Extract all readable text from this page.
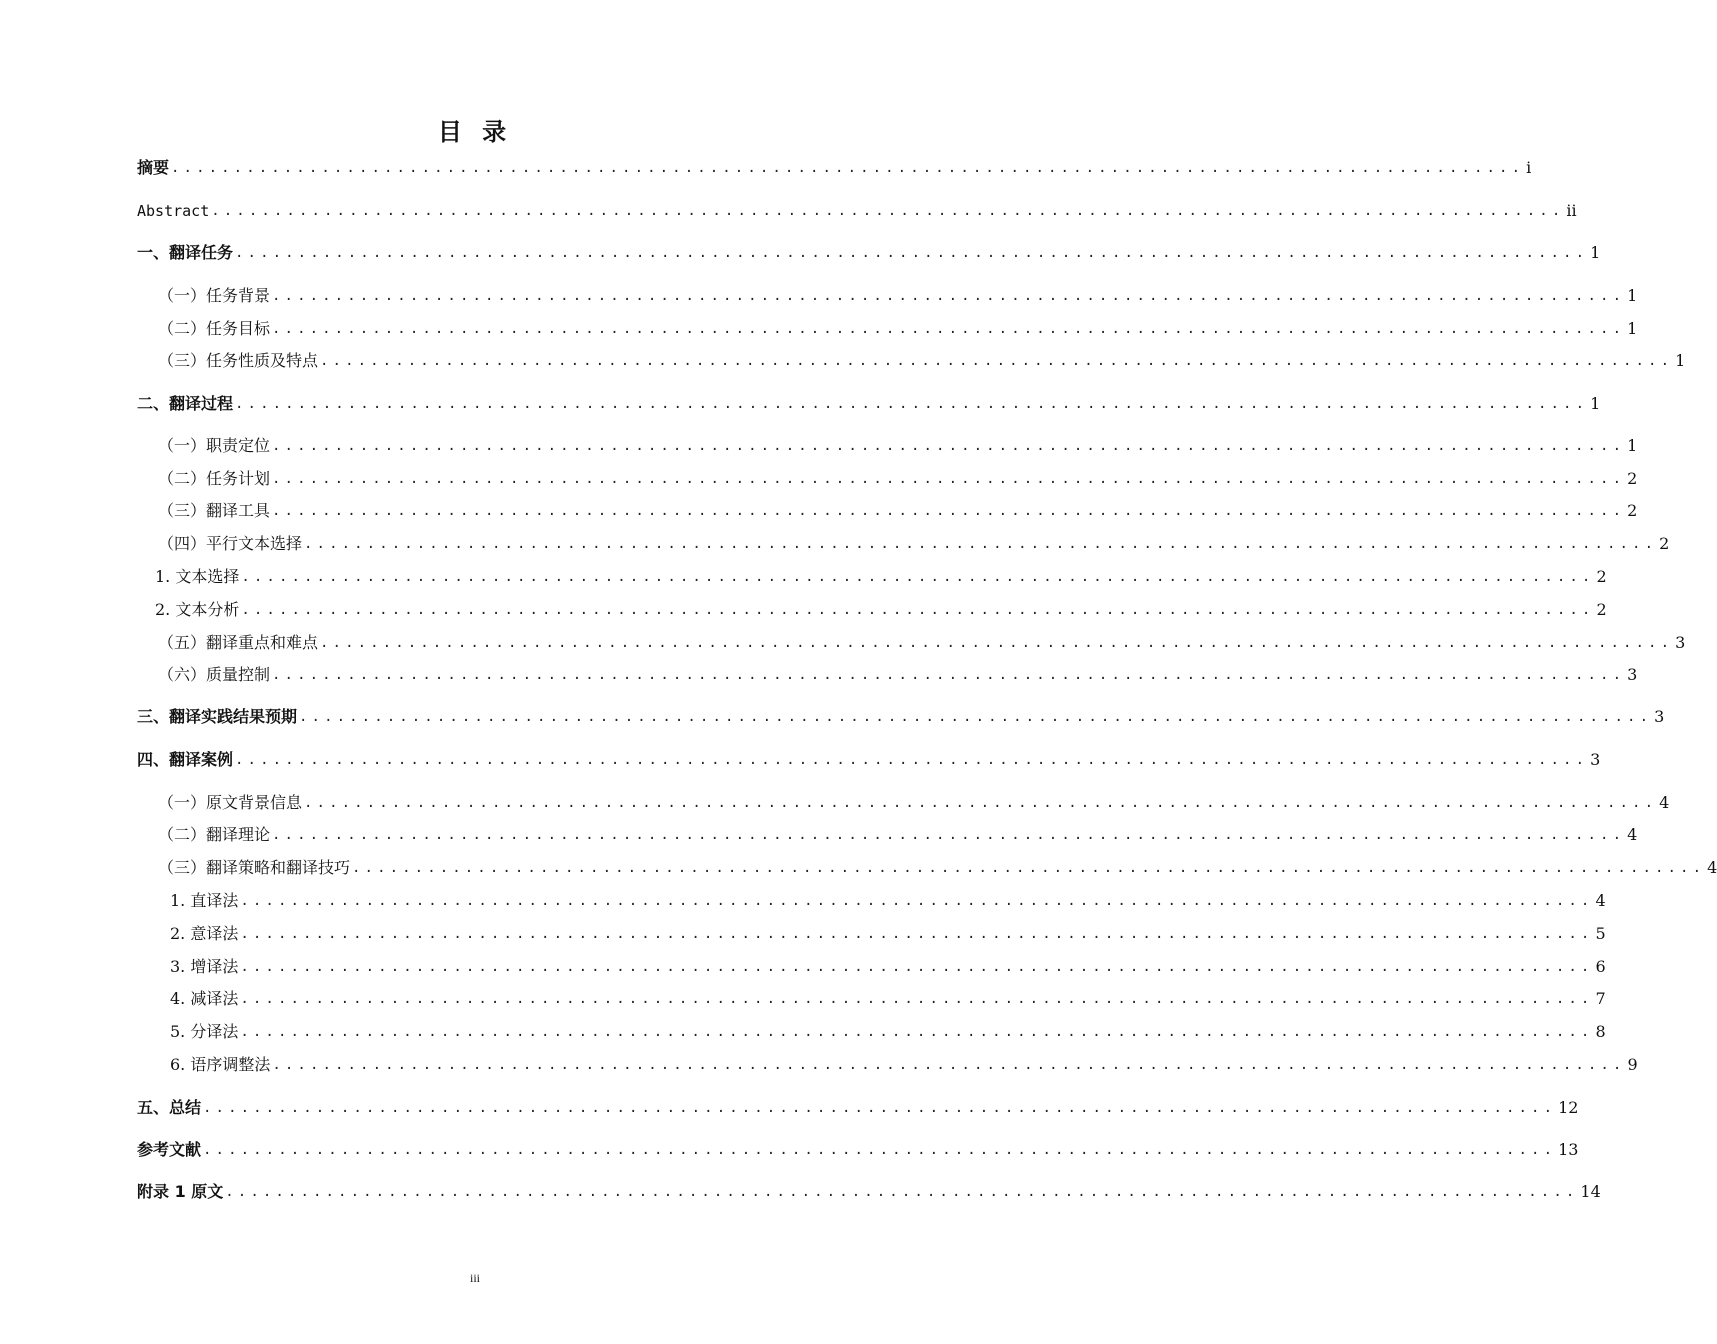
目 录
摘要 ............................................................................................................ i
Abstract ............................................................................................................ ii
一、翻译任务 ............................................................................................................ 1
（一）任务背景 ............................................................................................................ 1
（二）任务目标 ............................................................................................................ 1
（三）任务性质及特点 ............................................................................................................ 1
二、翻译过程 ............................................................................................................ 1
（一）职责定位 ............................................................................................................ 1
（二）任务计划 ............................................................................................................ 2
（三）翻译工具 ............................................................................................................ 2
（四）平行文本选择 ............................................................................................................ 2
1. 文本选择 ............................................................................................................ 2
2. 文本分析 ............................................................................................................ 2
（五）翻译重点和难点 ............................................................................................................ 3
（六）质量控制 ............................................................................................................ 3
三、翻译实践结果预期 ............................................................................................................ 3
四、翻译案例 ............................................................................................................ 3
（一）原文背景信息 ............................................................................................................ 4
（二）翻译理论 ............................................................................................................ 4
（三）翻译策略和翻译技巧 ............................................................................................................ 4
1. 直译法 ............................................................................................................ 4
2. 意译法 ............................................................................................................ 5
3. 增译法 ............................................................................................................ 6
4. 减译法 ............................................................................................................ 7
5. 分译法 ............................................................................................................ 8
6. 语序调整法 ............................................................................................................ 9
五、总结 ............................................................................................................ 12
参考文献 ............................................................................................................ 13
附录 1 原文 ............................................................................................................ 14
iii
